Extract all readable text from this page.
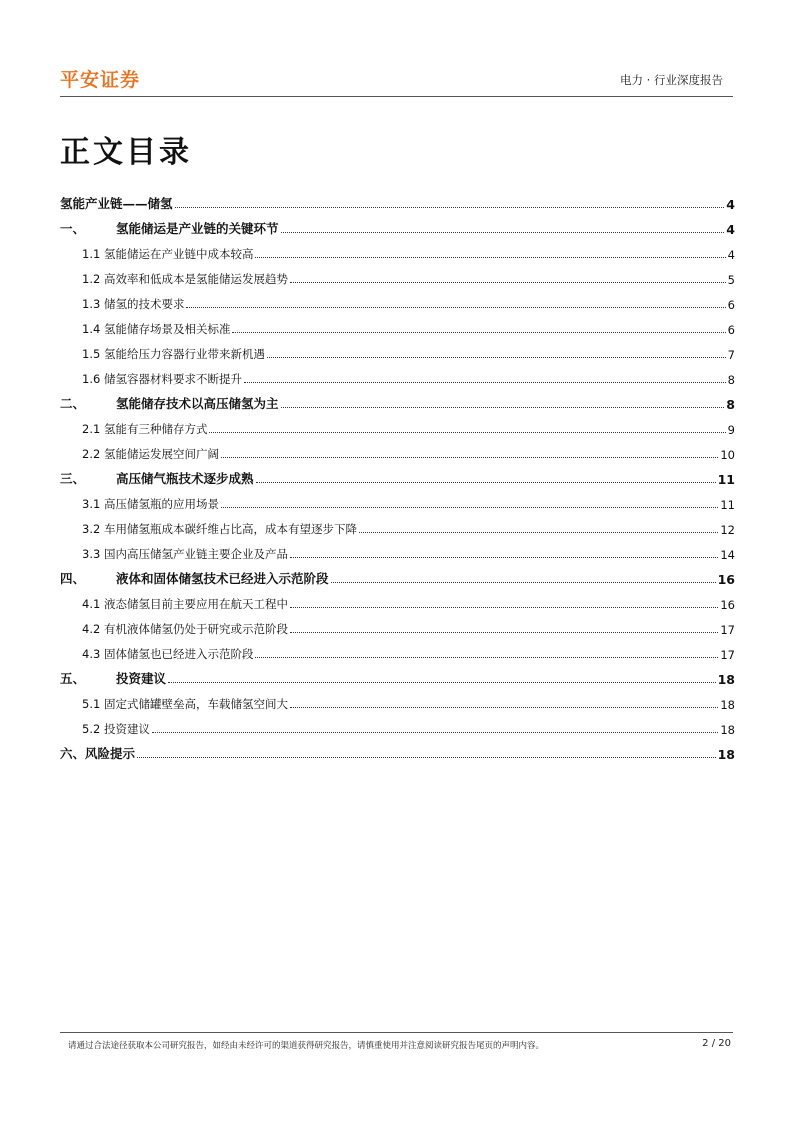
平安证券	电力 · 行业深度报告
正文目录
氢能产业链——储氢	4
一、	氢能储运是产业链的关键环节	4
1.1 氢能储运在产业链中成本较高	4
1.2 高效率和低成本是氢能储运发展趋势	5
1.3 储氢的技术要求	6
1.4 氢能储存场景及相关标准	6
1.5 氢能给压力容器行业带来新机遇	7
1.6 储氢容器材料要求不断提升	8
二、	氢能储存技术以高压储氢为主	8
2.1 氢能有三种储存方式	9
2.2 氢能储运发展空间广阔	10
三、	高压储气瓶技术逐步成熟	11
3.1 高压储氢瓶的应用场景	11
3.2 车用储氢瓶成本碳纤维占比高，成本有望逐步下降	12
3.3 国内高压储氢产业链主要企业及产品	14
四、	液体和固体储氢技术已经进入示范阶段	16
4.1 液态储氢目前主要应用在航天工程中	16
4.2 有机液体储氢仍处于研究或示范阶段	17
4.3 固体储氢也已经进入示范阶段	17
五、	投资建议	18
5.1 固定式储罐壁垒高，车载储氢空间大	18
5.2 投资建议	18
六、风险提示	18
请通过合法途径获取本公司研究报告，如经由未经许可的渠道获得研究报告，请慎重使用并注意阅读研究报告尾页的声明内容。	2 / 20
